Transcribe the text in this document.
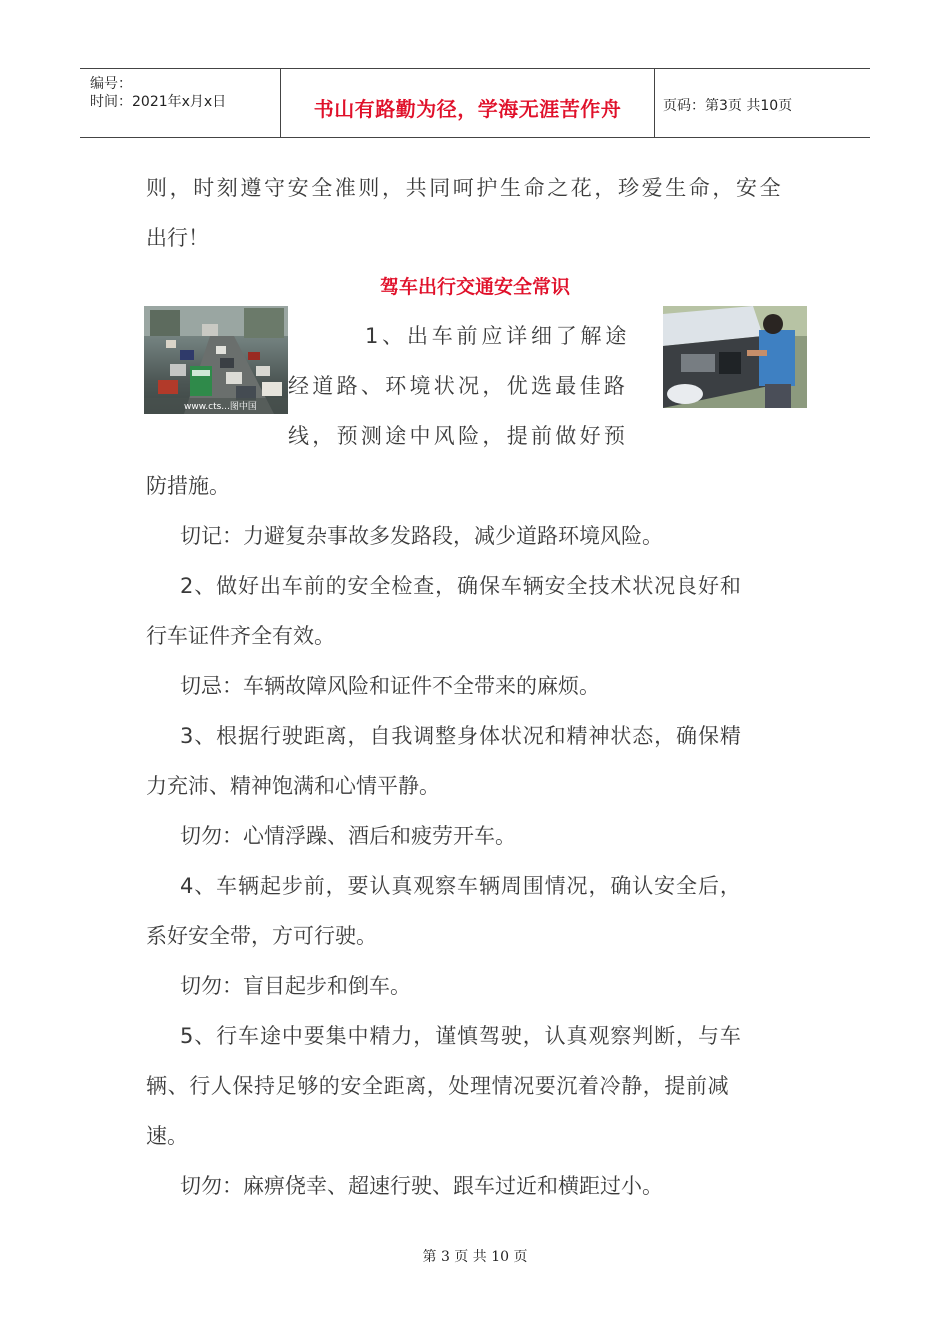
编号：
时间：2021年x月x日	书山有路勤为径，学海无涯苦作舟	页码：第3页 共10页
则，时刻遵守安全准则，共同呵护生命之花，珍爱生命，安全
出行！
驾车出行交通安全常识
www.cts...图中国
1、出车前应详细了解途
经道路、环境状况，优选最佳路
线，预测途中风险，提前做好预
防措施。
切记：力避复杂事故多发路段，减少道路环境风险。
2、做好出车前的安全检查，确保车辆安全技术状况良好和
行车证件齐全有效。
切忌：车辆故障风险和证件不全带来的麻烦。
3、根据行驶距离，自我调整身体状况和精神状态，确保精
力充沛、精神饱满和心情平静。
切勿：心情浮躁、酒后和疲劳开车。
4、车辆起步前，要认真观察车辆周围情况，确认安全后，
系好安全带，方可行驶。
切勿：盲目起步和倒车。
5、行车途中要集中精力，谨慎驾驶，认真观察判断，与车
辆、行人保持足够的安全距离，处理情况要沉着冷静，提前减
速。
切勿：麻痹侥幸、超速行驶、跟车过近和横距过小。
第 3 页 共 10 页
